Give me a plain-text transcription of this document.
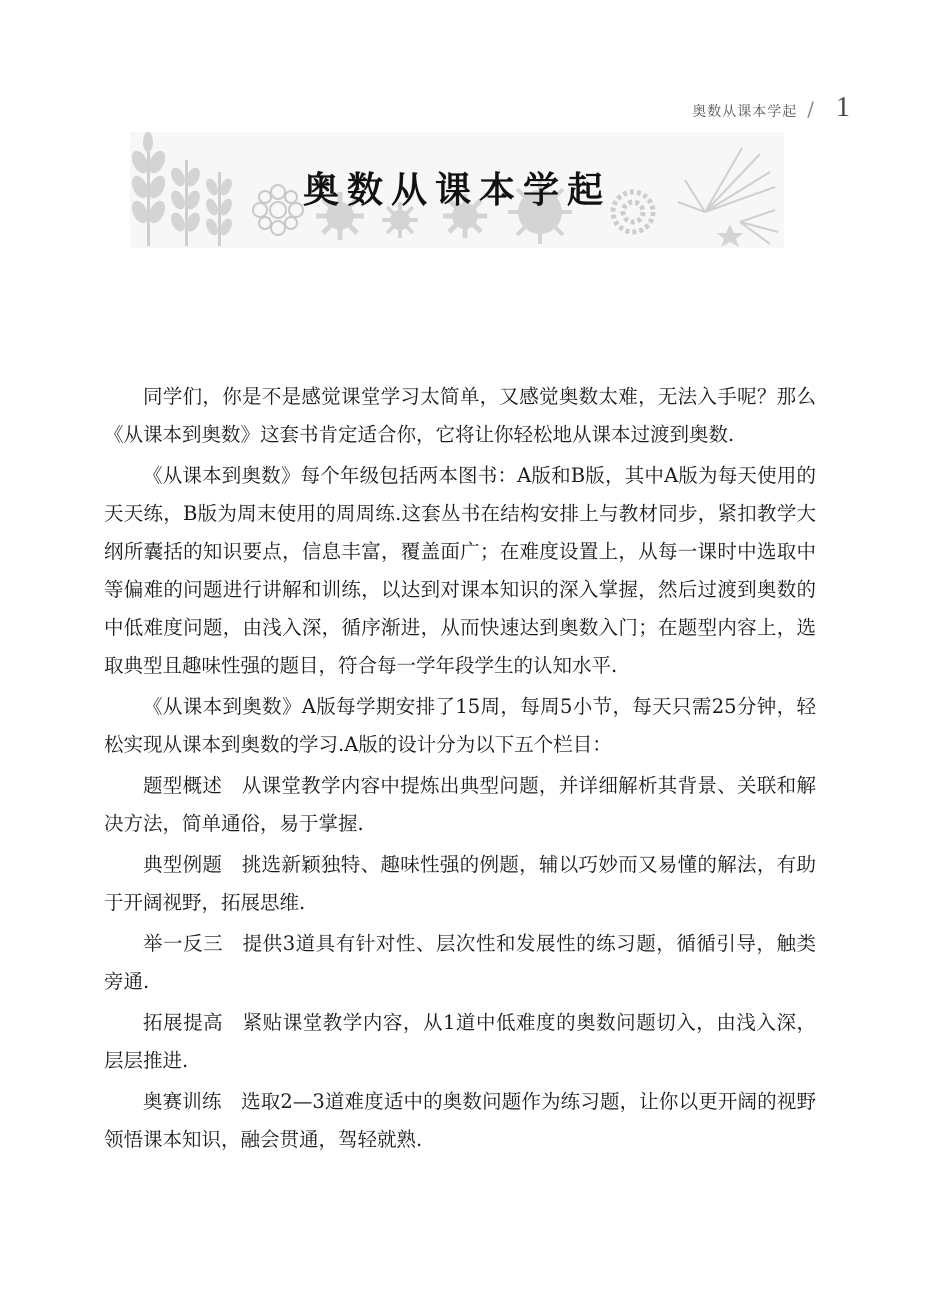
奥数从课本学起 / 1
奥数从课本学起

同学们，你是不是感觉课堂学习太简单，又感觉奥数太难，无法入手呢？那么《从课本到奥数》这套书肯定适合你，它将让你轻松地从课本过渡到奥数.

《从课本到奥数》每个年级包括两本图书：A版和B版，其中A版为每天使用的天天练，B版为周末使用的周周练.这套丛书在结构安排上与教材同步，紧扣教学大纲所囊括的知识要点，信息丰富，覆盖面广；在难度设置上，从每一课时中选取中等偏难的问题进行讲解和训练，以达到对课本知识的深入掌握，然后过渡到奥数的中低难度问题，由浅入深，循序渐进，从而快速达到奥数入门；在题型内容上，选取典型且趣味性强的题目，符合每一学年段学生的认知水平.

《从课本到奥数》A版每学期安排了15周，每周5小节，每天只需25分钟，轻松实现从课本到奥数的学习.A版的设计分为以下五个栏目：

题型概述 从课堂教学内容中提炼出典型问题，并详细解析其背景、关联和解决方法，简单通俗，易于掌握.

典型例题 挑选新颖独特、趣味性强的例题，辅以巧妙而又易懂的解法，有助于开阔视野，拓展思维.

举一反三 提供3道具有针对性、层次性和发展性的练习题，循循引导，触类旁通.

拓展提高 紧贴课堂教学内容，从1道中低难度的奥数问题切入，由浅入深，层层推进.

奥赛训练 选取2—3道难度适中的奥数问题作为练习题，让你以更开阔的视野领悟课本知识，融会贯通，驾轻就熟.
